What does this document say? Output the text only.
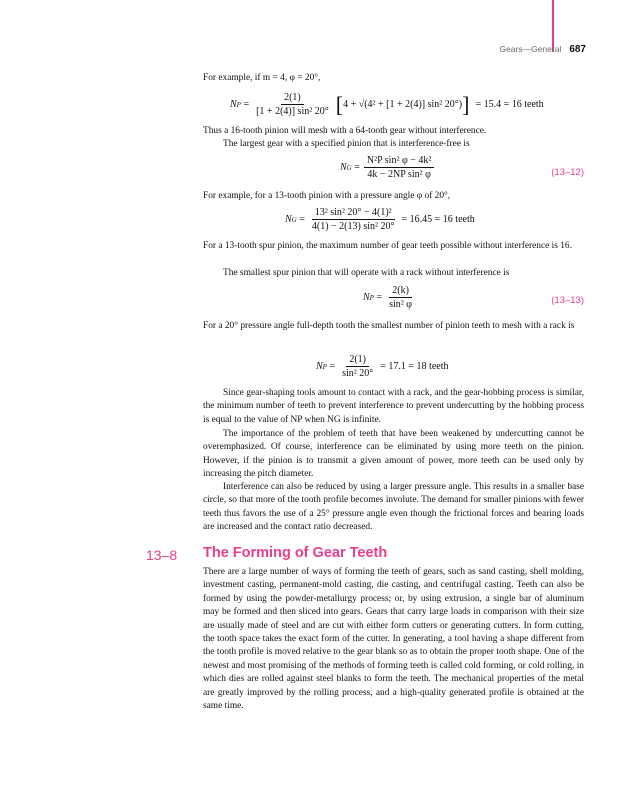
Gears—General 687
For example, if m = 4, φ = 20°,
N $P = \frac{2(1)}{\text{[1 + 2(4)] sin² 20°}}$ [ 4 + √(4² + [1 + 2(4)] sin² 20°) ] = 15.4 = 16 teeth
Thus a 16-tooth pinion will mesh with a 64-tooth gear without interference.
The largest gear with a specified pinion that is interference-free is
N $G = \frac{\text{N²P sin² φ − 4k²}}{\text{4k − 2NP sin² φ}}$	(13–12)
For example, for a 13-tooth pinion with a pressure angle φ of 20°,
N $G = \frac{\text{13² sin² 20° − 4(1)²}}{\text{4(1) − 2(13) sin² 20°}} = 16.45 = 16$ teeth
For a 13-tooth spur pinion, the maximum number of gear teeth possible without interference is 16.
The smallest spur pinion that will operate with a rack without interference is
N $P = \frac{2(k)}{\text{sin² φ}}$	(13–13)
For a 20° pressure angle full-depth tooth the smallest number of pinion teeth to mesh with a rack is
N $P = \frac{2(1)}{\text{sin² 20°}} = 17.1 = 18$ teeth
Since gear-shaping tools amount to contact with a rack, and the gear-hobbing process is similar, the minimum number of teeth to prevent interference to prevent undercutting by the hobbing process is equal to the value of NP when NG is infinite.
The importance of the problem of teeth that have been weakened by undercutting cannot be overemphasized. Of course, interference can be eliminated by using more teeth on the pinion. However, if the pinion is to transmit a given amount of power, more teeth can be used only by increasing the pitch diameter.
Interference can also be reduced by using a larger pressure angle. This results in a smaller base circle, so that more of the tooth profile becomes involute. The demand for smaller pinions with fewer teeth thus favors the use of a 25° pressure angle even though the frictional forces and bearing loads are increased and the contact ratio decreased.
13–8 The Forming of Gear Teeth
There are a large number of ways of forming the teeth of gears, such as sand casting, shell molding, investment casting, permanent-mold casting, die casting, and centrifugal casting. Teeth can also be formed by using the powder-metallurgy process; or, by using extrusion, a single bar of aluminum may be formed and then sliced into gears. Gears that carry large loads in comparison with their size are usually made of steel and are cut with either form cutters or generating cutters. In form cutting, the tooth space takes the exact form of the cutter. In generating, a tool having a shape different from the tooth profile is moved relative to the gear blank so as to obtain the proper tooth shape. One of the newest and most promising of the methods of forming teeth is called cold forming, or cold rolling, in which dies are rolled against steel blanks to form the teeth. The mechanical properties of the metal are greatly improved by the rolling process, and a high-quality generated profile is obtained at the same time.
